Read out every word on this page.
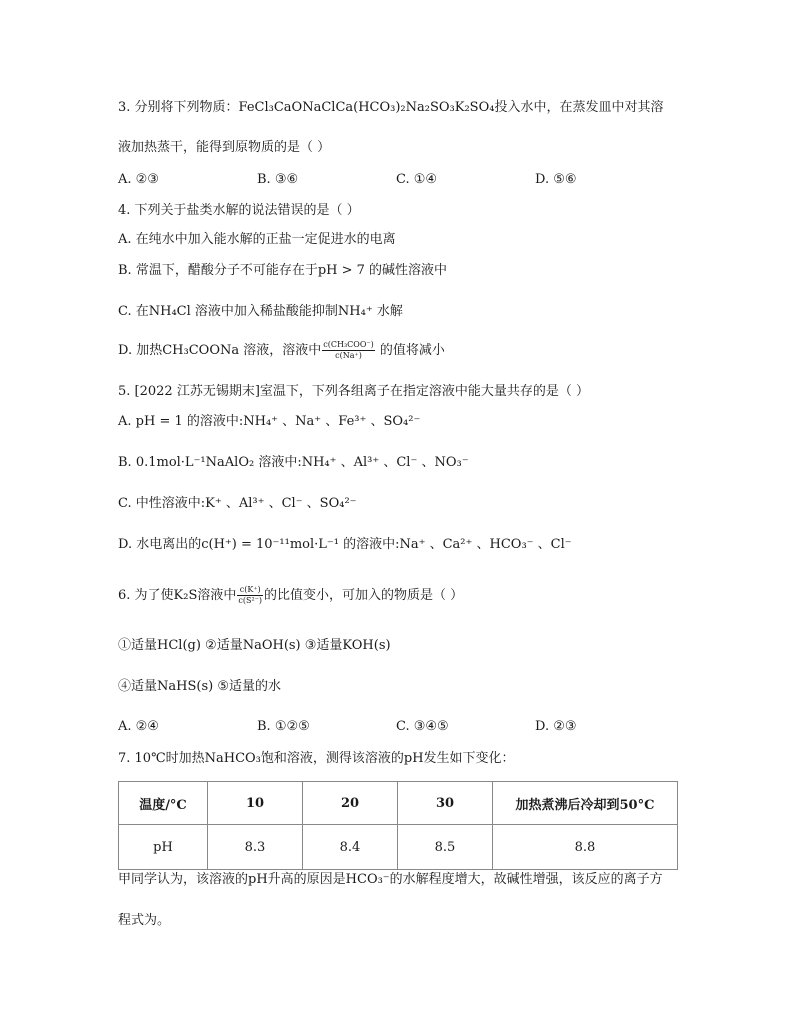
3. 分别将下列物质：FeCl₃CaONaClCa(HCO₃)₂Na₂SO₃K₂SO₄投入水中，在蒸发皿中对其溶
液加热蒸干，能得到原物质的是（ ）
A. ②③	B. ③⑥	C. ①④	D. ⑤⑥
4. 下列关于盐类水解的说法错误的是（ ）
A. 在纯水中加入能水解的正盐一定促进水的电离
B. 常温下，醋酸分子不可能存在于pH > 7 的碱性溶液中
C. 在NH₄Cl 溶液中加入稀盐酸能抑制NH₄⁺ 水解
D. 加热CH₃COONa 溶液，溶液中 $\frac{\text{c(CH₃COO⁻)}}{c(Na^+)}$ 的值将减小
5. [2022 江苏无锡期末]室温下，下列各组离子在指定溶液中能大量共存的是（ ）
A. pH = 1 的溶液中:NH₄⁺ 、Na⁺ 、Fe³⁺ 、SO₄²⁻
B. 0.1mol·L⁻¹NaAlO₂ 溶液中:NH₄⁺ 、Al³⁺ 、Cl⁻ 、NO₃⁻
C. 中性溶液中:K⁺ 、Al³⁺ 、Cl⁻ 、SO₄²⁻
D. 水电离出的c(H⁺) = 10⁻¹¹mol·L⁻¹ 的溶液中:Na⁺ 、Ca²⁺ 、HCO₃⁻ 、Cl⁻
6. 为了使K₂S溶液中 $\frac{c(K^+)}{\text{c(S²⁻)}}$ 的比值变小，可加入的物质是（ ）
①适量HCl(g) ②适量NaOH(s) ③适量KOH(s)
④适量NaHS(s) ⑤适量的水
A. ②④	B. ①②⑤	C. ③④⑤	D. ②③
7. 10℃时加热NaHCO₃饱和溶液，测得该溶液的pH发生如下变化：
温度/°C	10	20	30	加热煮沸后冷却到50°C
pH	8.3	8.4	8.5	8.8
甲同学认为，该溶液的pH升高的原因是HCO₃⁻的水解程度增大，故碱性增强，该反应的离子方
程式为。
